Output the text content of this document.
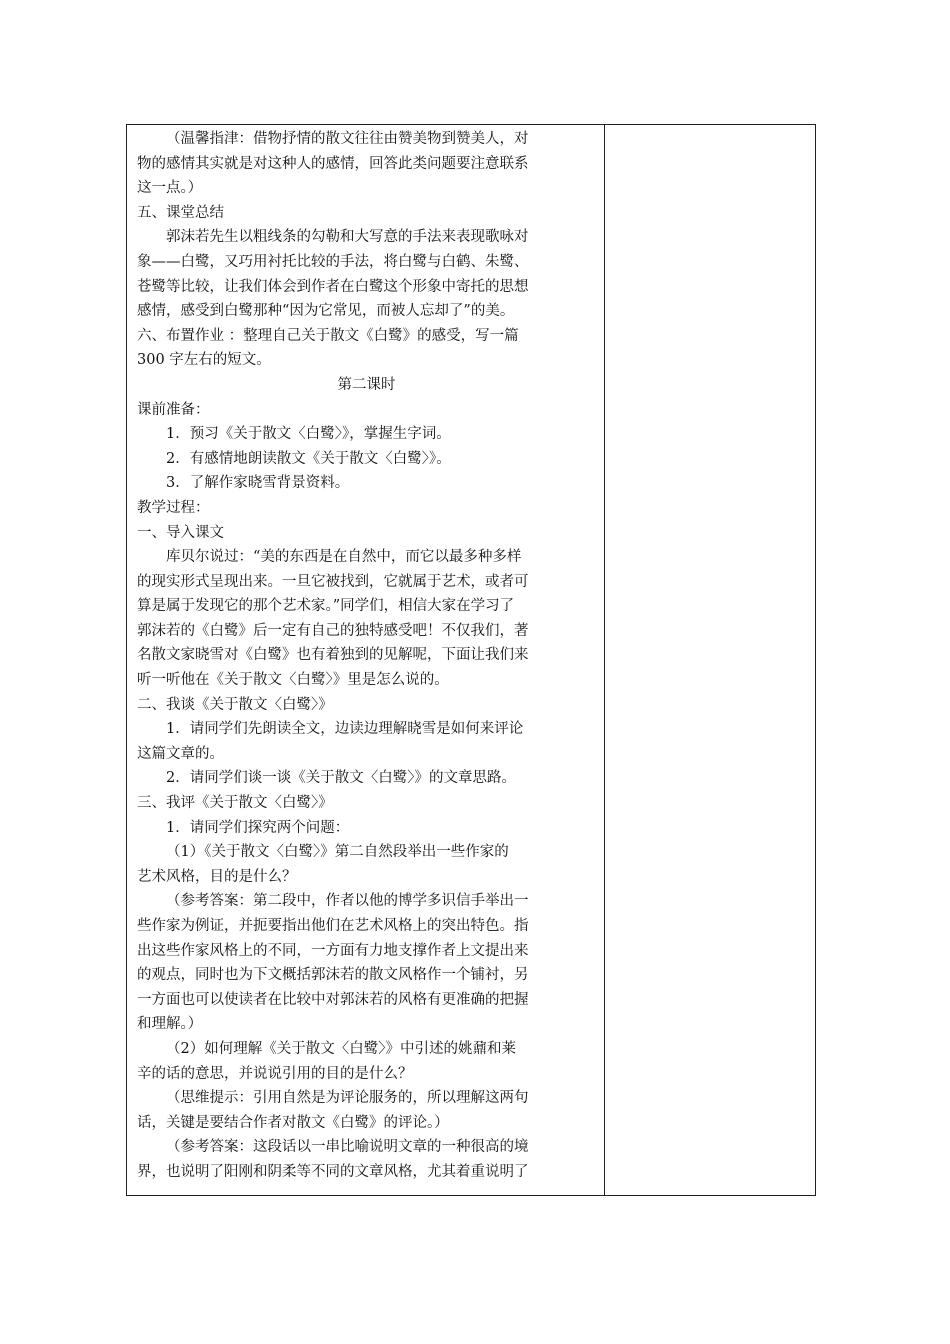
（温馨指津：借物抒情的散文往往由赞美物到赞美人，对
物的感情其实就是对这种人的感情，回答此类问题要注意联系
这一点。）
五、课堂总结
郭沫若先生以粗线条的勾勒和大写意的手法来表现歌咏对
象——白鹭，又巧用衬托比较的手法，将白鹭与白鹤、朱鹭、
苍鹭等比较，让我们体会到作者在白鹭这个形象中寄托的思想
感情，感受到白鹭那种“因为它常见，而被人忘却了”的美。
六、布置作业 ：整理自己关于散文《白鹭》的感受，写一篇
300 字左右的短文。
第二课时
课前准备：
1．预习《关于散文〈白鹭〉》，掌握生字词。
2．有感情地朗读散文《关于散文〈白鹭〉》。
3．了解作家晓雪背景资料。
教学过程：
一、导入课文
库贝尔说过：“美的东西是在自然中，而它以最多种多样
的现实形式呈现出来。一旦它被找到，它就属于艺术，或者可
算是属于发现它的那个艺术家。”同学们，相信大家在学习了
郭沫若的《白鹭》后一定有自己的独特感受吧！不仅我们，著
名散文家晓雪对《白鹭》也有着独到的见解呢，下面让我们来
听一听他在《关于散文〈白鹭〉》里是怎么说的。
二、我谈《关于散文〈白鹭〉》
1．请同学们先朗读全文，边读边理解晓雪是如何来评论
这篇文章的。
2．请同学们谈一谈《关于散文〈白鹭〉》的文章思路。
三、我评《关于散文〈白鹭〉》
1．请同学们探究两个问题：
（1）《关于散文〈白鹭〉》第二自然段举出一些作家的
艺术风格，目的是什么？
（参考答案：第二段中，作者以他的博学多识信手举出一
些作家为例证，并扼要指出他们在艺术风格上的突出特色。指
出这些作家风格上的不同，一方面有力地支撑作者上文提出来
的观点，同时也为下文概括郭沫若的散文风格作一个铺衬，另
一方面也可以使读者在比较中对郭沫若的风格有更准确的把握
和理解。）
（2）如何理解《关于散文〈白鹭〉》中引述的姚鼐和莱
辛的话的意思，并说说引用的目的是什么？
（思维提示：引用自然是为评论服务的，所以理解这两句
话，关键是要结合作者对散文《白鹭》的评论。）
（参考答案：这段话以一串比喻说明文章的一种很高的境
界，也说明了阳刚和阴柔等不同的文章风格，尤其着重说明了
